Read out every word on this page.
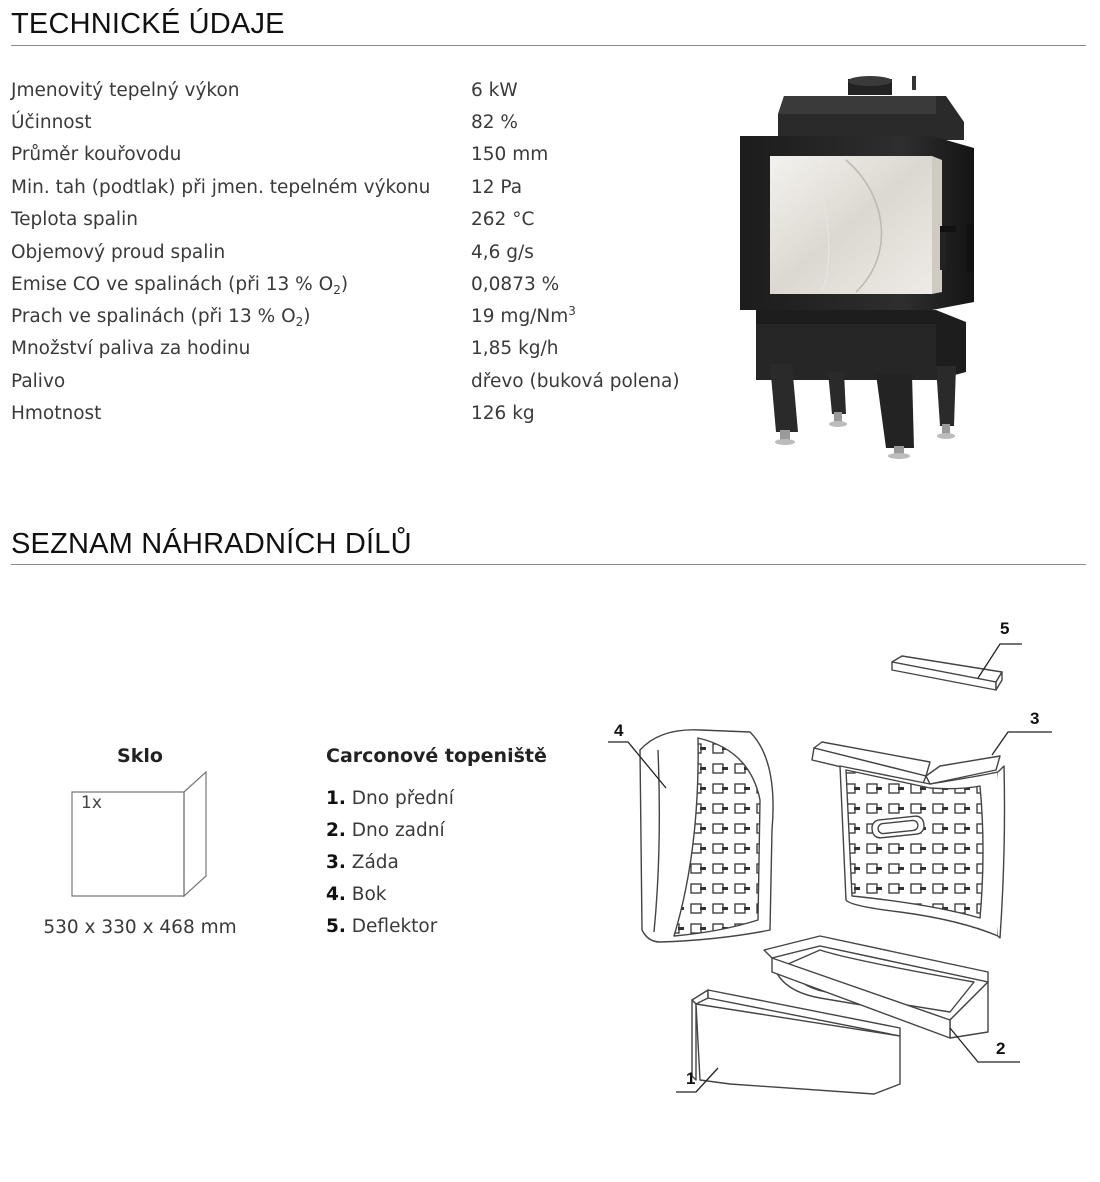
TECHNICKÉ ÚDAJE
Jmenovitý tepelný výkon	6 kW
Účinnost	82 %
Průměr kouřovodu	150 mm
Min. tah (podtlak) při jmen. tepelném výkonu 12 Pa
Teplota spalin	262 °C
Objemový proud spalin	4,6 g/s
Emise CO ve spalinách (při 13 % $O_2$)	0,0873 %
Prach ve spalinách (při 13 % $O_2$)	19 mg/Nm$^3$
Množství paliva za hodinu	1,85 kg/h
Palivo	dřevo (buková polena)
Hmotnost	126 kg
SEZNAM NÁHRADNÍCH DÍLŮ
Sklo
1x
530 x 330 x 468 mm
Carconové topeniště
1. Dno přední
2. Dno zadní
3. Záda
4. Bok
5. Deflektor
5
3
4
2
1
